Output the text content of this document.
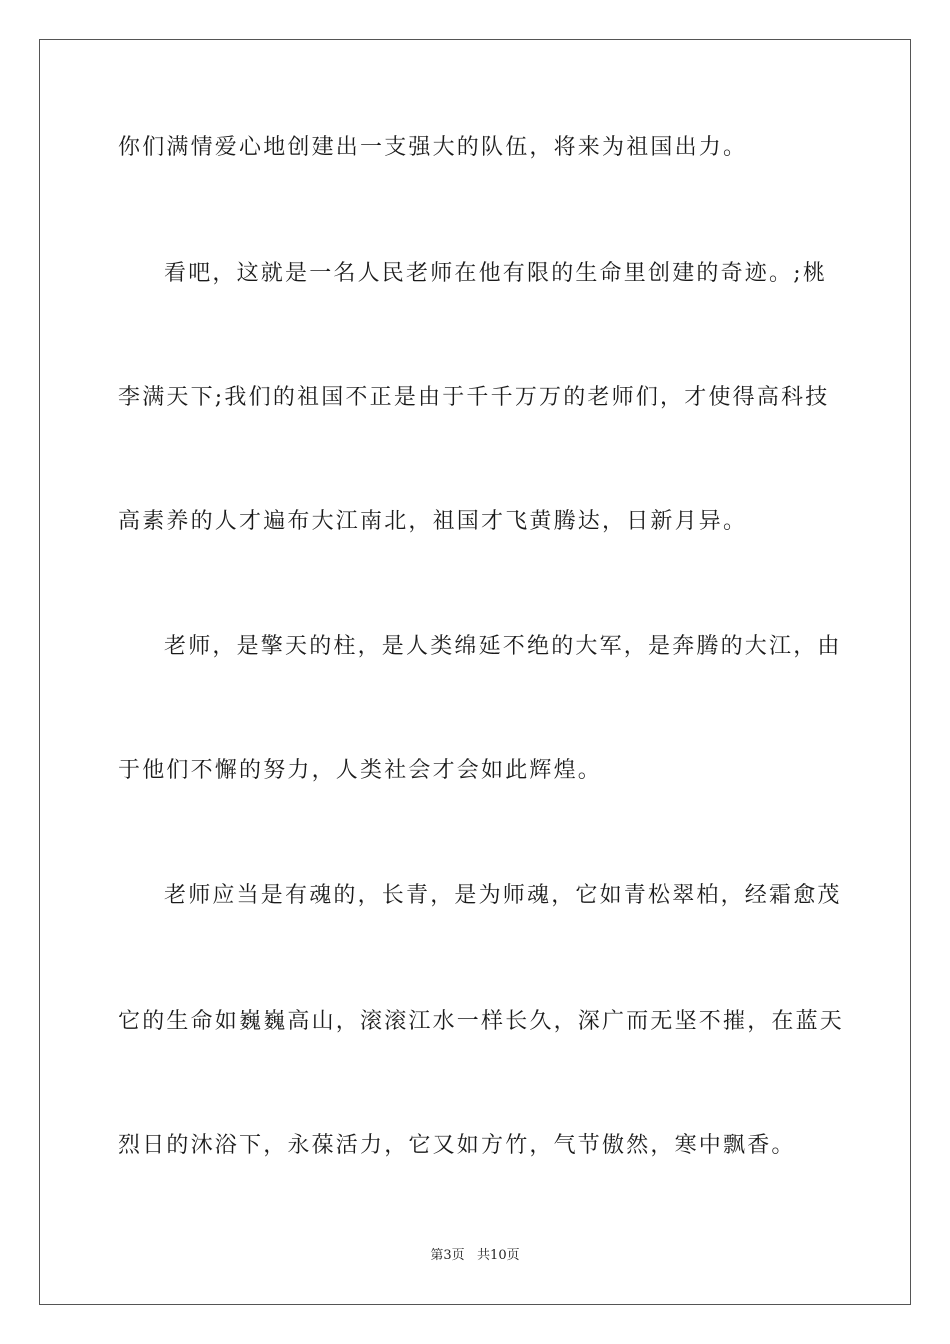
你们满情爱心地创建出一支强大的队伍，将来为祖国出力。
看吧，这就是一名人民老师在他有限的生命里创建的奇迹。;桃
李满天下;我们的祖国不正是由于千千万万的老师们，才使得高科技
高素养的人才遍布大江南北，祖国才飞黄腾达，日新月异。
老师，是擎天的柱，是人类绵延不绝的大军，是奔腾的大江，由
于他们不懈的努力，人类社会才会如此辉煌。
老师应当是有魂的，长青，是为师魂，它如青松翠柏，经霜愈茂
它的生命如巍巍高山，滚滚江水一样长久，深广而无坚不摧，在蓝天
烈日的沐浴下，永葆活力，它又如方竹，气节傲然，寒中飘香。
第3页   共10页
